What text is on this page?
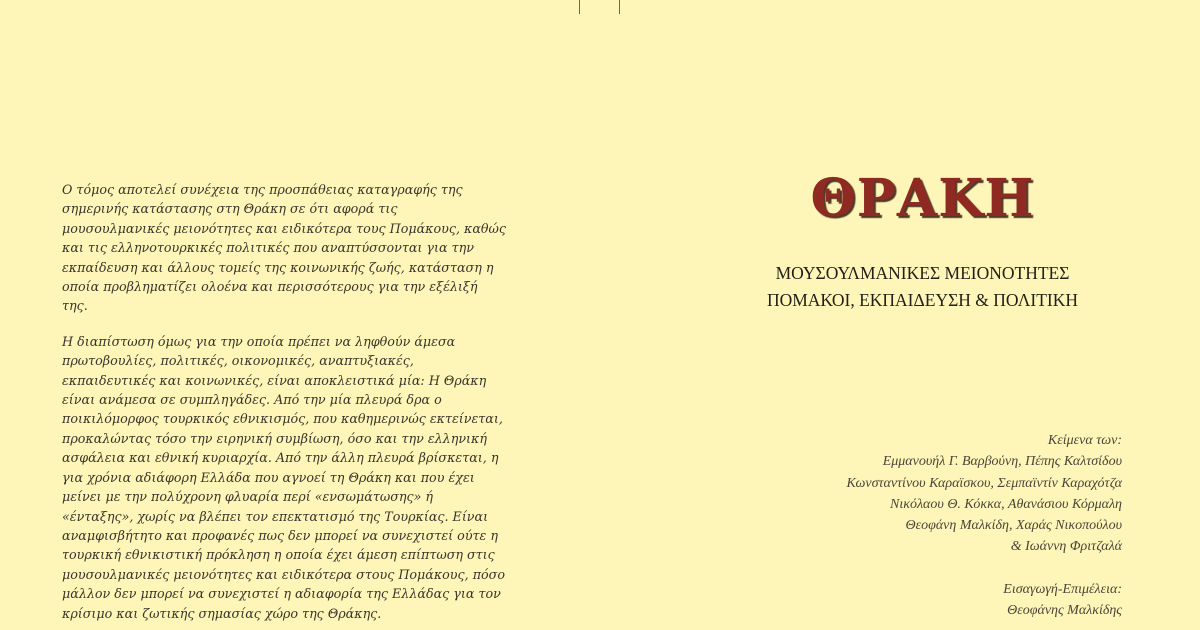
Ο τόμος αποτελεί συνέχεια της προσπάθειας καταγραφής της σημερινής κατάστασης στη Θράκη σε ότι αφορά τις μουσουλμανικές μειονότητες και ειδικότερα τους Πομάκους, καθώς και τις ελληνοτουρκικές πολιτικές που αναπτύσσονται για την εκπαίδευση και άλλους τομείς της κοινωνικής ζωής, κατάσταση η οποία προβληματίζει ολοένα και περισσότερους για την εξέλιξή της.

Η διαπίστωση όμως για την οποία πρέπει να ληφθούν άμεσα πρωτοβουλίες, πολιτικές, οικονομικές, αναπτυξιακές, εκπαιδευτικές και κοινωνικές, είναι αποκλειστικά μία: Η Θράκη είναι ανάμεσα σε συμπληγάδες. Από την μία πλευρά δρα ο ποικιλόμορφος τουρκικός εθνικισμός, που καθημερινώς εκτείνεται, προκαλώντας τόσο την ειρηνική συμβίωση, όσο και την ελληνική ασφάλεια και εθνική κυριαρχία. Από την άλλη πλευρά βρίσκεται, η για χρόνια αδιάφορη Ελλάδα που αγνοεί τη Θράκη και που έχει μείνει με την πολύχρονη φλυαρία περί «ενσωμάτωσης» ή «ένταξης», χωρίς να βλέπει τον επεκτατισμό της Τουρκίας. Είναι αναμφισβήτητο και προφανές πως δεν μπορεί να συνεχιστεί ούτε η τουρκική εθνικιστική πρόκληση η οποία έχει άμεση επίπτωση στις μουσουλμανικές μειονότητες και ειδικότερα στους Πομάκους, πόσο μάλλον δεν μπορεί να συνεχιστεί η αδιαφορία της Ελλάδας για τον κρίσιμο και ζωτικής σημασίας χώρο της Θράκης.

ΘΡΑΚΗ
ΜΟΥΣΟΥΛΜΑΝΙΚΕΣ ΜΕΙΟΝΟΤΗΤΕΣ
ΠΟΜΑΚΟΙ, ΕΚΠΑΙΔΕΥΣΗ & ΠΟΛΙΤΙΚΗ
Κείμενα των:
Εμμανουήλ Γ. Βαρβούνη, Πέπης Καλτσίδου
Κωνσταντίνου Καραϊσκου, Σεμπαϊντίν Καραχότζα
Νικόλαου Θ. Κόκκα, Αθανάσιου Κόρμαλη
Θεοφάνη Μαλκίδη, Χαράς Νικοπούλου
& Ιωάννη Φριτζαλά
Εισαγωγή-Επιμέλεια:
Θεοφάνης Μαλκίδης
